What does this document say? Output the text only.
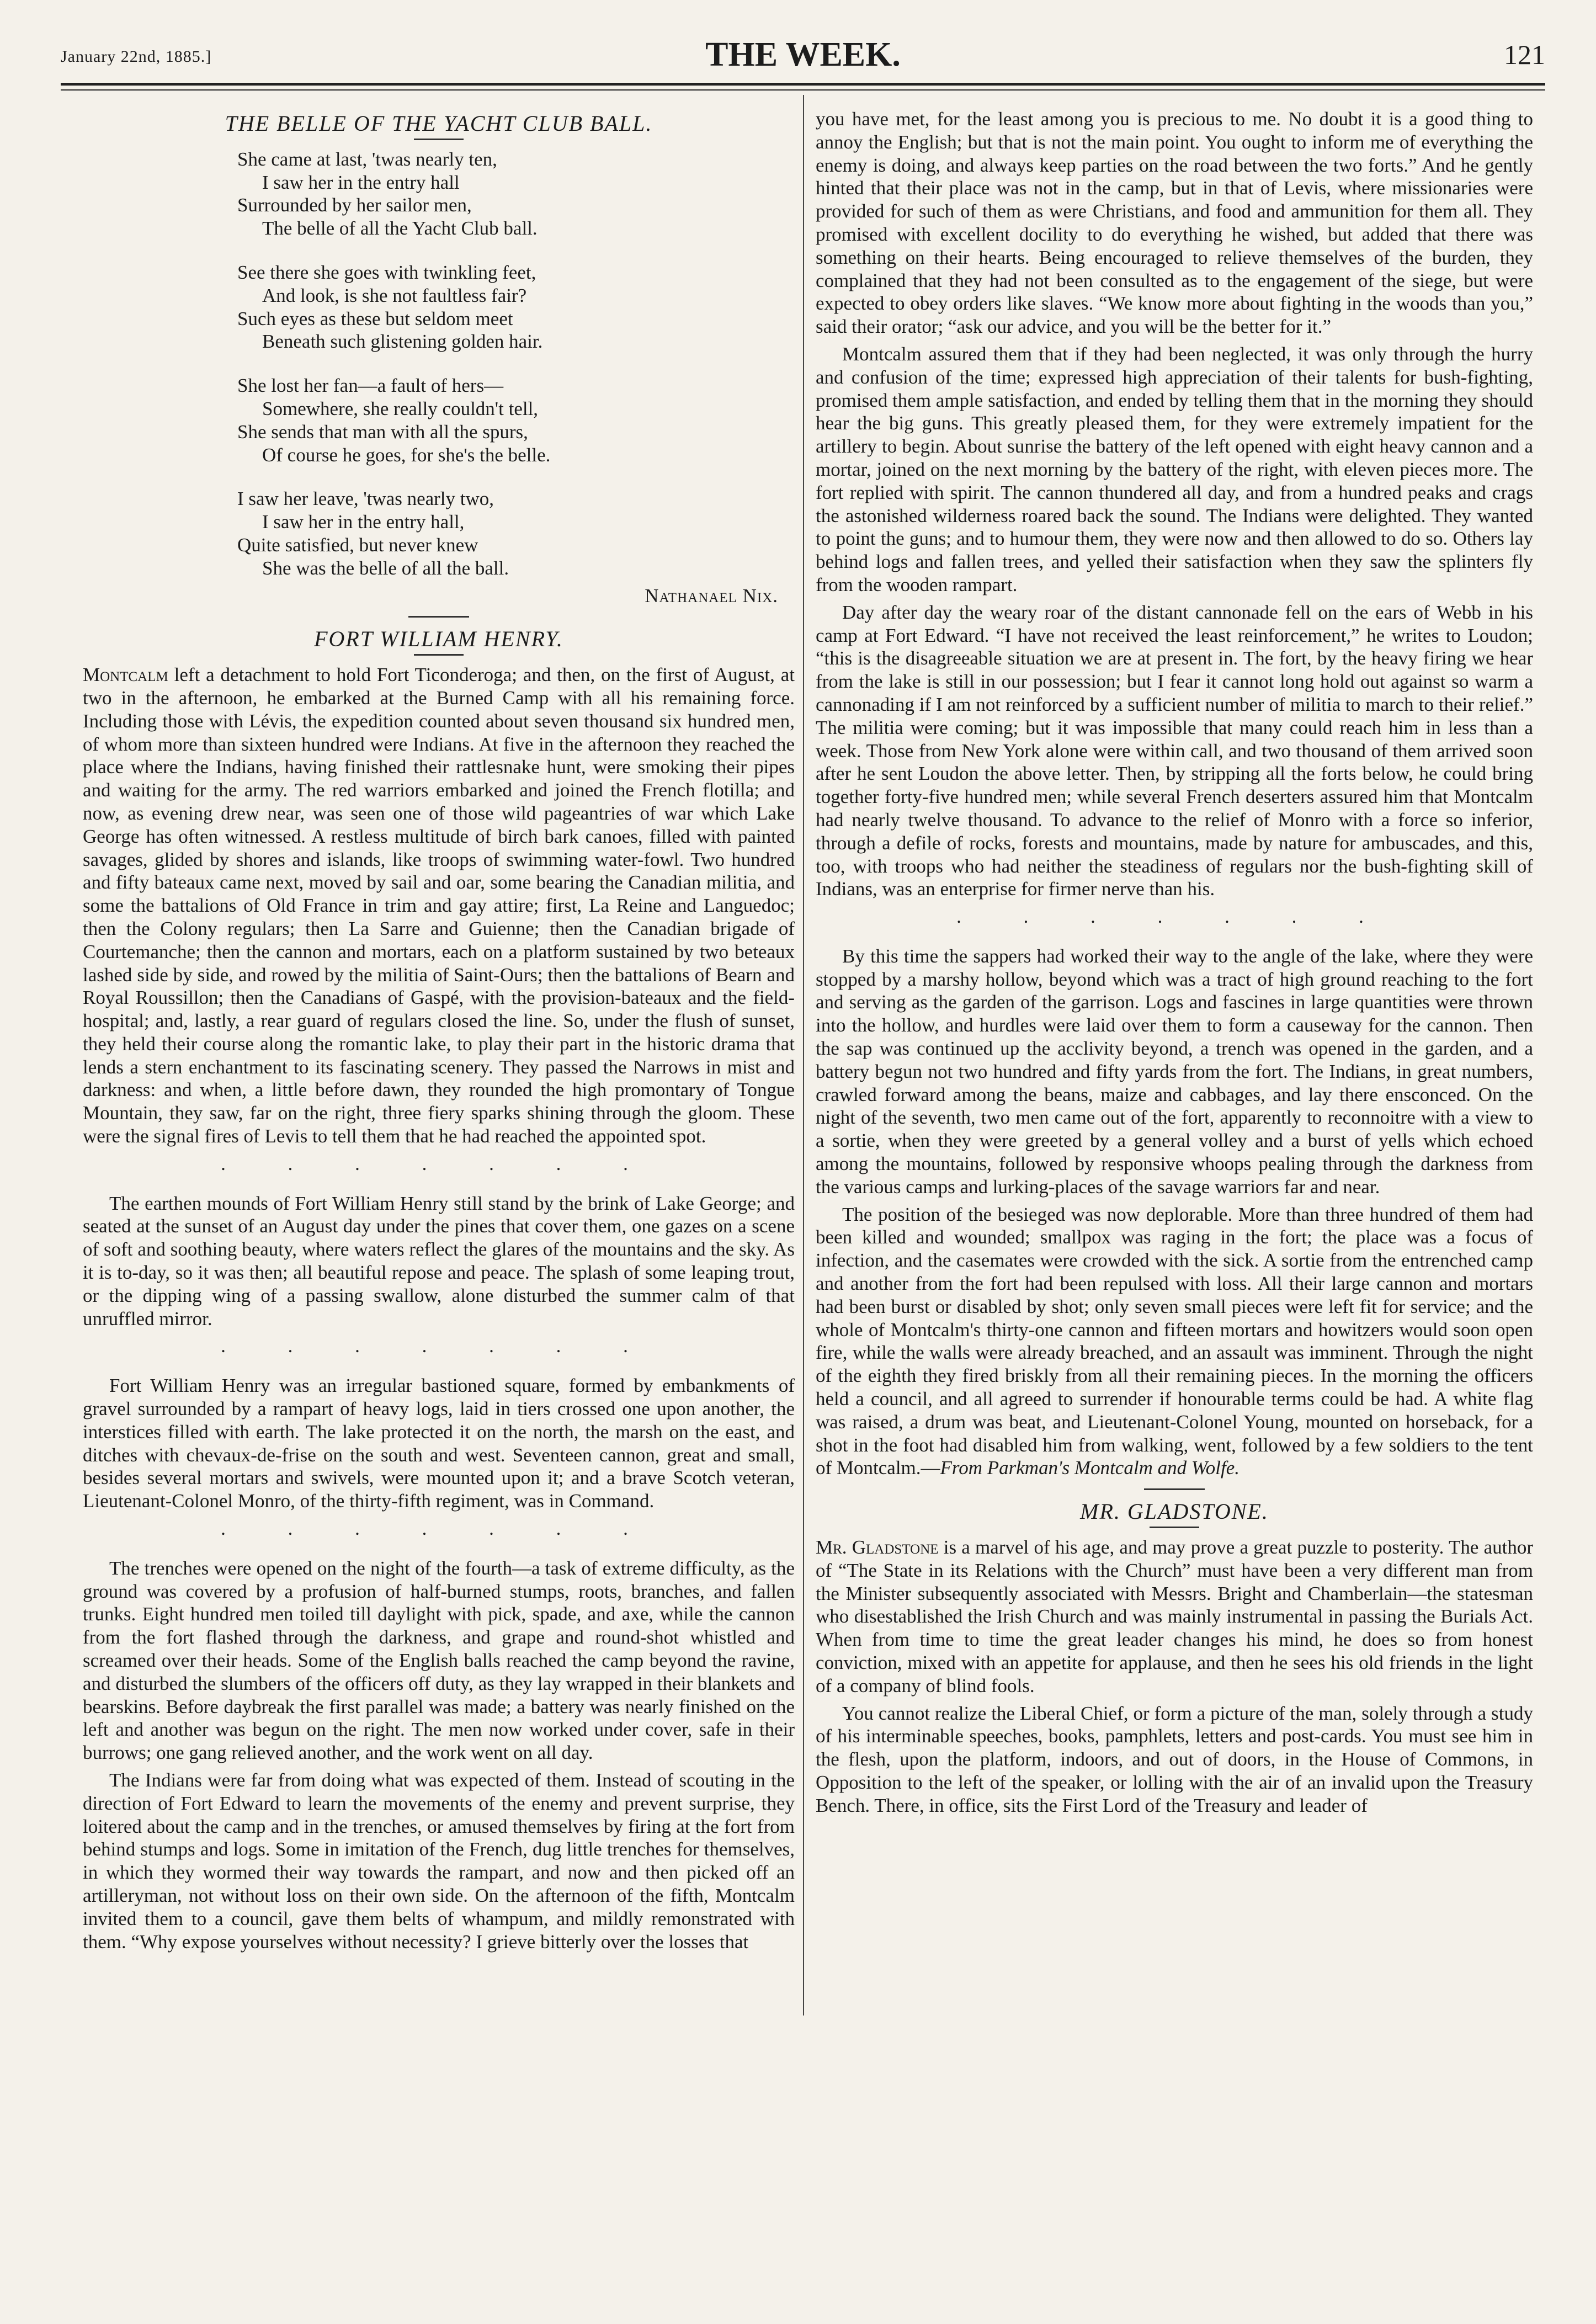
January 22nd, 1885.]	THE WEEK.	121
THE BELLE OF THE YACHT CLUB BALL.
She came at last, 'twas nearly ten,
I saw her in the entry hall
Surrounded by her sailor men,
The belle of all the Yacht Club ball.
See there she goes with twinkling feet,
And look, is she not faultless fair?
Such eyes as these but seldom meet
Beneath such glistening golden hair.
She lost her fan—a fault of hers—
Somewhere, she really couldn't tell,
She sends that man with all the spurs,
Of course he goes, for she's the belle.
I saw her leave, 'twas nearly two,
I saw her in the entry hall,
Quite satisfied, but never knew
She was the belle of all the ball.
Nathanael Nix.
FORT WILLIAM HENRY.

Montcalm left a detachment to hold Fort Ticonderoga; and then, on the first of August, at two in the afternoon, he embarked at the Burned Camp with all his remaining force. Including those with Lévis, the expedition counted about seven thousand six hundred men, of whom more than sixteen hundred were Indians. At five in the afternoon they reached the place where the Indians, having finished their rattlesnake hunt, were smoking their pipes and waiting for the army. The red warriors embarked and joined the French flotilla; and now, as evening drew near, was seen one of those wild pageantries of war which Lake George has often witnessed. A restless multitude of birch bark canoes, filled with painted savages, glided by shores and islands, like troops of swimming water-fowl. Two hundred and fifty bateaux came next, moved by sail and oar, some bearing the Canadian militia, and some the battalions of Old France in trim and gay attire; first, La Reine and Languedoc; then the Colony regulars; then La Sarre and Guienne; then the Canadian brigade of Courtemanche; then the cannon and mortars, each on a platform sustained by two beteaux lashed side by side, and rowed by the militia of Saint-Ours; then the battalions of Bearn and Royal Roussillon; then the Canadians of Gaspé, with the provision-bateaux and the field-hospital; and, lastly, a rear guard of regulars closed the line. So, under the flush of sunset, they held their course along the romantic lake, to play their part in the historic drama that lends a stern enchantment to its fascinating scenery. They passed the Narrows in mist and darkness: and when, a little before dawn, they rounded the high promontary of Tongue Mountain, they saw, far on the right, three fiery sparks shining through the gloom. These were the signal fires of Levis to tell them that he had reached the appointed spot.

. . . . . . .

The earthen mounds of Fort William Henry still stand by the brink of Lake George; and seated at the sunset of an August day under the pines that cover them, one gazes on a scene of soft and soothing beauty, where waters reflect the glares of the mountains and the sky. As it is to-day, so it was then; all beautiful repose and peace. The splash of some leaping trout, or the dipping wing of a passing swallow, alone disturbed the summer calm of that unruffled mirror.

. . . . . . .

Fort William Henry was an irregular bastioned square, formed by embankments of gravel surrounded by a rampart of heavy logs, laid in tiers crossed one upon another, the interstices filled with earth. The lake protected it on the north, the marsh on the east, and ditches with chevaux-de-frise on the south and west. Seventeen cannon, great and small, besides several mortars and swivels, were mounted upon it; and a brave Scotch veteran, Lieutenant-Colonel Monro, of the thirty-fifth regiment, was in Command.

. . . . . . .

The trenches were opened on the night of the fourth—a task of extreme difficulty, as the ground was covered by a profusion of half-burned stumps, roots, branches, and fallen trunks. Eight hundred men toiled till daylight with pick, spade, and axe, while the cannon from the fort flashed through the darkness, and grape and round-shot whistled and screamed over their heads. Some of the English balls reached the camp beyond the ravine, and disturbed the slumbers of the officers off duty, as they lay wrapped in their blankets and bearskins. Before daybreak the first parallel was made; a battery was nearly finished on the left and another was begun on the right. The men now worked under cover, safe in their burrows; one gang relieved another, and the work went on all day.

The Indians were far from doing what was expected of them. Instead of scouting in the direction of Fort Edward to learn the movements of the enemy and prevent surprise, they loitered about the camp and in the trenches, or amused themselves by firing at the fort from behind stumps and logs. Some in imitation of the French, dug little trenches for themselves, in which they wormed their way towards the rampart, and now and then picked off an artilleryman, not without loss on their own side. On the afternoon of the fifth, Montcalm invited them to a council, gave them belts of whampum, and mildly remonstrated with them. “Why expose yourselves without necessity? I grieve bitterly over the losses that

you have met, for the least among you is precious to me. No doubt it is a good thing to annoy the English; but that is not the main point. You ought to inform me of everything the enemy is doing, and always keep parties on the road between the two forts.” And he gently hinted that their place was not in the camp, but in that of Levis, where missionaries were provided for such of them as were Christians, and food and ammunition for them all. They promised with excellent docility to do everything he wished, but added that there was something on their hearts. Being encouraged to relieve themselves of the burden, they complained that they had not been consulted as to the engagement of the siege, but were expected to obey orders like slaves. “We know more about fighting in the woods than you,” said their orator; “ask our advice, and you will be the better for it.”

Montcalm assured them that if they had been neglected, it was only through the hurry and confusion of the time; expressed high appreciation of their talents for bush-fighting, promised them ample satisfaction, and ended by telling them that in the morning they should hear the big guns. This greatly pleased them, for they were extremely impatient for the artillery to begin. About sunrise the battery of the left opened with eight heavy cannon and a mortar, joined on the next morning by the battery of the right, with eleven pieces more. The fort replied with spirit. The cannon thundered all day, and from a hundred peaks and crags the astonished wilderness roared back the sound. The Indians were delighted. They wanted to point the guns; and to humour them, they were now and then allowed to do so. Others lay behind logs and fallen trees, and yelled their satisfaction when they saw the splinters fly from the wooden rampart.

Day after day the weary roar of the distant cannonade fell on the ears of Webb in his camp at Fort Edward. “I have not received the least reinforcement,” he writes to Loudon; “this is the disagreeable situation we are at present in. The fort, by the heavy firing we hear from the lake is still in our possession; but I fear it cannot long hold out against so warm a cannonading if I am not reinforced by a sufficient number of militia to march to their relief.” The militia were coming; but it was impossible that many could reach him in less than a week. Those from New York alone were within call, and two thousand of them arrived soon after he sent Loudon the above letter. Then, by stripping all the forts below, he could bring together forty-five hundred men; while several French deserters assured him that Montcalm had nearly twelve thousand. To advance to the relief of Monro with a force so inferior, through a defile of rocks, forests and mountains, made by nature for ambuscades, and this, too, with troops who had neither the steadiness of regulars nor the bush-fighting skill of Indians, was an enterprise for firmer nerve than his.

. . . . . . .

By this time the sappers had worked their way to the angle of the lake, where they were stopped by a marshy hollow, beyond which was a tract of high ground reaching to the fort and serving as the garden of the garrison. Logs and fascines in large quantities were thrown into the hollow, and hurdles were laid over them to form a causeway for the cannon. Then the sap was continued up the acclivity beyond, a trench was opened in the garden, and a battery begun not two hundred and fifty yards from the fort. The Indians, in great numbers, crawled forward among the beans, maize and cabbages, and lay there ensconced. On the night of the seventh, two men came out of the fort, apparently to reconnoitre with a view to a sortie, when they were greeted by a general volley and a burst of yells which echoed among the mountains, followed by responsive whoops pealing through the darkness from the various camps and lurking-places of the savage warriors far and near.

The position of the besieged was now deplorable. More than three hundred of them had been killed and wounded; smallpox was raging in the fort; the place was a focus of infection, and the casemates were crowded with the sick. A sortie from the entrenched camp and another from the fort had been repulsed with loss. All their large cannon and mortars had been burst or disabled by shot; only seven small pieces were left fit for service; and the whole of Montcalm's thirty-one cannon and fifteen mortars and howitzers would soon open fire, while the walls were already breached, and an assault was imminent. Through the night of the eighth they fired briskly from all their remaining pieces. In the morning the officers held a council, and all agreed to surrender if honourable terms could be had. A white flag was raised, a drum was beat, and Lieutenant-Colonel Young, mounted on horseback, for a shot in the foot had disabled him from walking, went, followed by a few soldiers to the tent of Montcalm.—From Parkman's Montcalm and Wolfe.

MR. GLADSTONE.

Mr. Gladstone is a marvel of his age, and may prove a great puzzle to posterity. The author of “The State in its Relations with the Church” must have been a very different man from the Minister subsequently associated with Messrs. Bright and Chamberlain—the statesman who disestablished the Irish Church and was mainly instrumental in passing the Burials Act. When from time to time the great leader changes his mind, he does so from honest conviction, mixed with an appetite for applause, and then he sees his old friends in the light of a company of blind fools.

You cannot realize the Liberal Chief, or form a picture of the man, solely through a study of his interminable speeches, books, pamphlets, letters and post-cards. You must see him in the flesh, upon the platform, indoors, and out of doors, in the House of Commons, in Opposition to the left of the speaker, or lolling with the air of an invalid upon the Treasury Bench. There, in office, sits the First Lord of the Treasury and leader of
